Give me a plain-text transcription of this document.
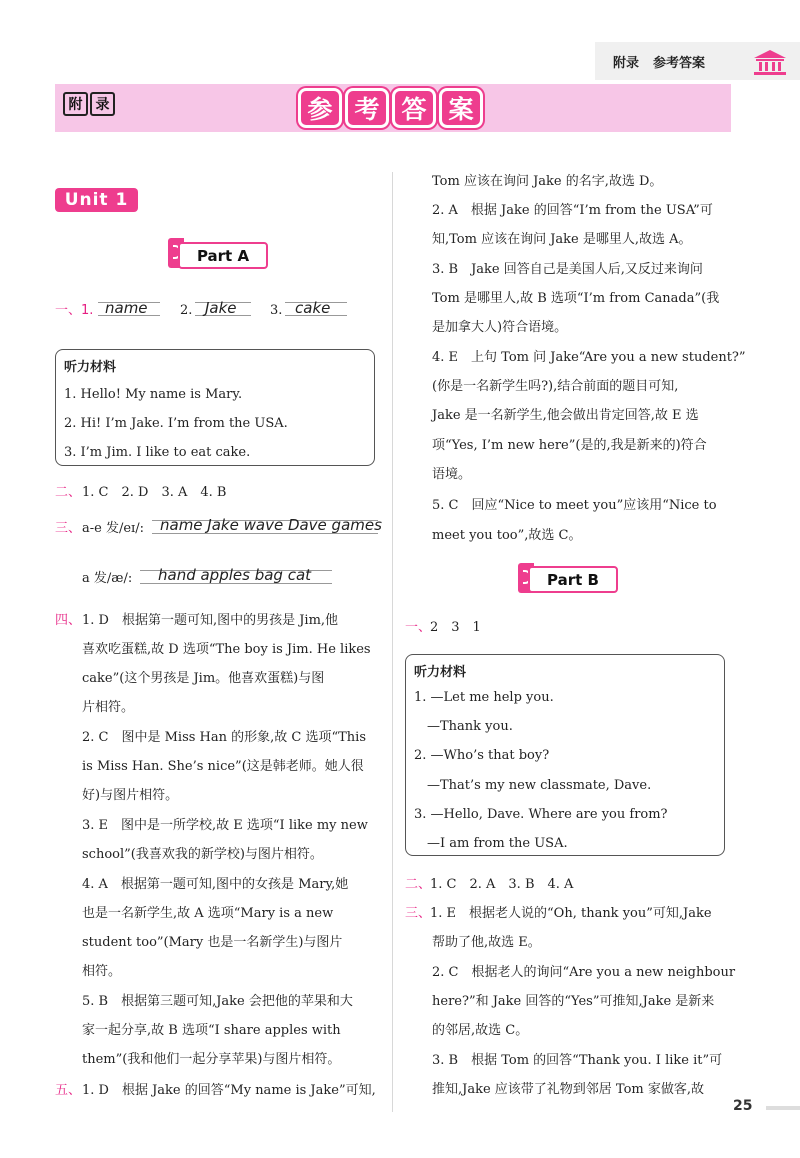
附录 参考答案
附 录	参 考 答 案
Unit 1
Part A
一、1. name 2. Jake	3. cake
听力材料
1. Hello! My name is Mary.
2. Hi! I’m Jake. I’m from the USA.
3. I’m Jim. I like to eat cake.
二、 1. C　2. D　3. A　4. B
三、 a-e 发/eɪ/: name Jake wave Dave games
a 发/æ/: hand apples bag cat
四、 1. D　根据第一题可知,图中的男孩是 Jim,他
喜欢吃蛋糕,故 D 选项“The boy is Jim. He likes
cake”(这个男孩是 Jim。他喜欢蛋糕)与图
片相符。
2. C　图中是 Miss Han 的形象,故 C 选项“This
is Miss Han. She’s nice”(这是韩老师。她人很
好)与图片相符。
3. E　图中是一所学校,故 E 选项“I like my new
school”(我喜欢我的新学校)与图片相符。
4. A　根据第一题可知,图中的女孩是 Mary,她
也是一名新学生,故 A 选项“Mary is a new
student too”(Mary 也是一名新学生)与图片
相符。
5. B　根据第三题可知,Jake 会把他的苹果和大
家一起分享,故 B 选项“I share apples with
them”(我和他们一起分享苹果)与图片相符。
五、 1. D　根据 Jake 的回答“My name is Jake”可知,
Tom 应该在询问 Jake 的名字,故选 D。
2. A　根据 Jake 的回答“I’m from the USA”可
知,Tom 应该在询问 Jake 是哪里人,故选 A。
3. B　Jake 回答自己是美国人后,又反过来询问
Tom 是哪里人,故 B 选项“I’m from Canada”(我
是加拿大人)符合语境。
4. E　上句 Tom 问 Jake“Are you a new student?”
(你是一名新学生吗?),结合前面的题目可知,
Jake 是一名新学生,他会做出肯定回答,故 E 选
项“Yes, I’m new here”(是的,我是新来的)符合
语境。
5. C　回应“Nice to meet you”应该用“Nice to
meet you too”,故选 C。
Part B
一、
2　3　1
听力材料
1. —Let me help you.
　—Thank you.
2. —Who’s that boy?
　—That’s my new classmate, Dave.
3. —Hello, Dave. Where are you from?
　—I am from the USA.
二、
1. C　2. A　3. B　4. A
三、
1. E　根据老人说的“Oh, thank you”可知,Jake
帮助了他,故选 E。
2. C　根据老人的询问“Are you a new neighbour
here?”和 Jake 回答的“Yes”可推知,Jake 是新来
的邻居,故选 C。
3. B　根据 Tom 的回答“Thank you. I like it”可
推知,Jake 应该带了礼物到邻居 Tom 家做客,故
25
